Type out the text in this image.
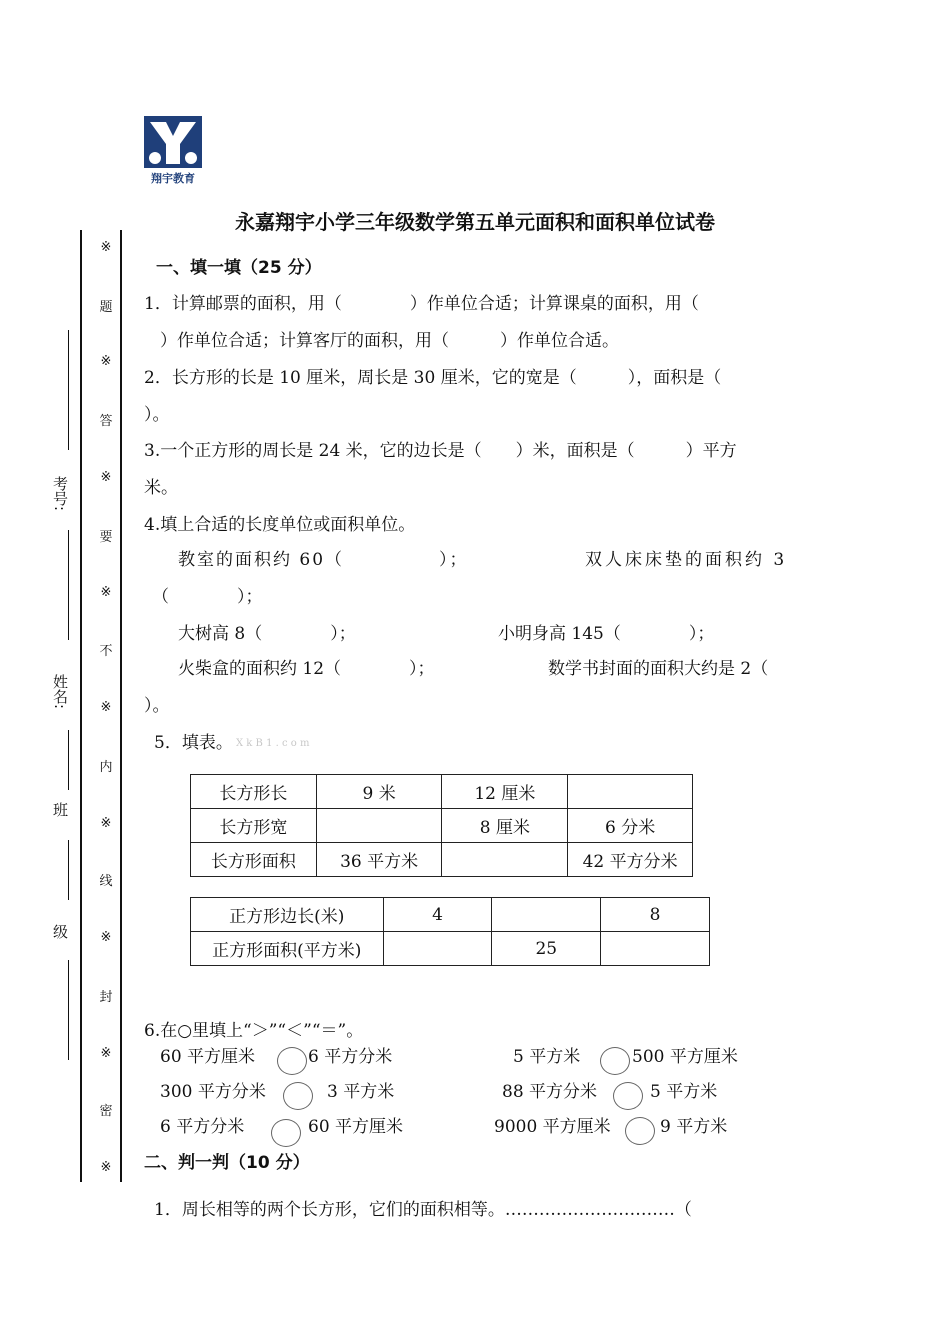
翔宇教育
永嘉翔宇小学三年级数学第五单元面积和面积单位试卷
考号:
姓名:
班
级
※
题
※
答
※
要
※
不
※
内
※
线
※
封
※
密
※
一、填一填（25 分）
1．计算邮票的面积，用（　　　　）作单位合适；计算课桌的面积，用（
）作单位合适；计算客厅的面积，用（　　　）作单位合适。
2．长方形的长是 10 厘米，周长是 30 厘米，它的宽是（　　　），面积是（
）。
3.一个正方形的周长是 24 米，它的边长是（　　）米，面积是（　　　）平方
米。
4.填上合适的长度单位或面积单位。
教室的面积约 60（　　　　　）；	双人床床垫的面积约 3
（　　　　）；
大树高 8（　　　　）；	小明身高 145（　　　　）；
火柴盒的面积约 12（　　　　）；	数学书封面的面积大约是 2（
）。
5．填表。 X k B 1 . c o m
长方形长	9 米	12 厘米	
长方形宽		8 厘米	6 分米
长方形面积	36 平方米		42 平方分米
正方形边长(米)	4		8
正方形面积(平方米)		25	
6.在○里填上“＞”“＜”“＝”。
60 平方厘米	6 平方分米	5 平方米	500 平方厘米
300 平方分米	3 平方米	88 平方分米	5 平方米
6 平方分米	60 平方厘米	9000 平方厘米	9 平方米
二、判一判（10 分）
1．周长相等的两个长方形，它们的面积相等。…………………………（
